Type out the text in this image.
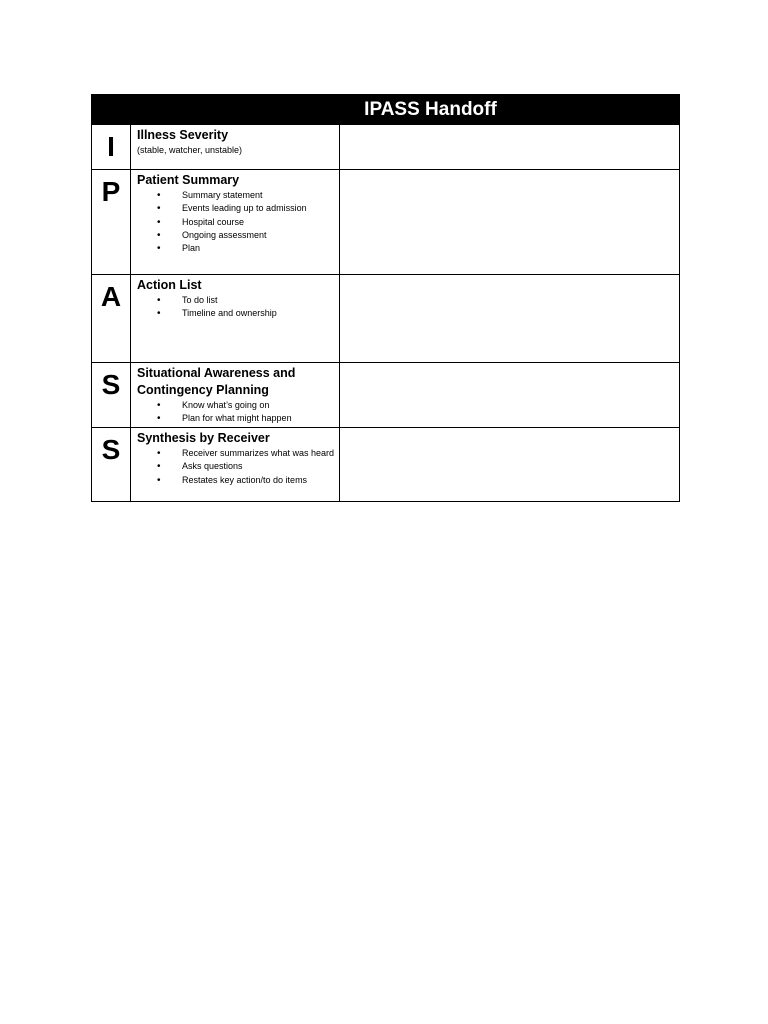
IPASS Handoff
I	Illness Severity
(stable, watcher, unstable)
P	Patient Summary
• Summary statement
• Events leading up to admission
• Hospital course
• Ongoing assessment
• Plan
A	Action List
• To do list
• Timeline and ownership
S	Situational Awareness and Contingency Planning
• Know what’s going on
• Plan for what might happen
S	Synthesis by Receiver
• Receiver summarizes what was heard
• Asks questions
• Restates key action/to do items
